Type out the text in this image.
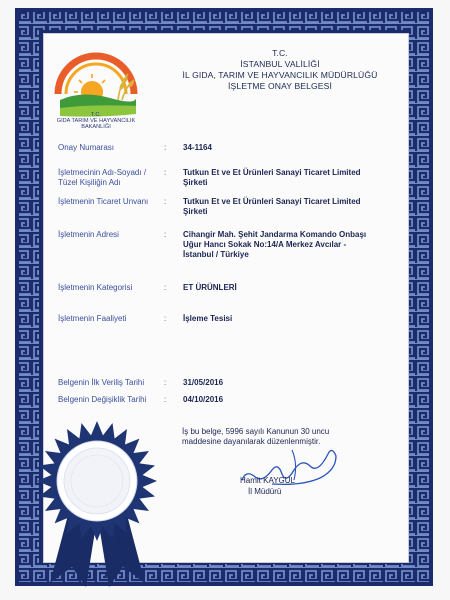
T.C.
İSTANBUL VALİLİĞİ
İL GIDA, TARIM VE HAYVANCILIK MÜDÜRLÜĞÜ
İŞLETME ONAY BELGESİ
T.C.
GIDA TARIM VE HAYVANCILIK
BAKANLIĞI
Onay Numarası	: 34-1164
İşletmecinin Adı-Soyadı /
Tüzel Kişiliğin Adı
: Tutkun Et ve Et Ürünleri Sanayi Ticaret Limited
Şirketi
İşletmenin Ticaret Unvanı : Tutkun Et ve Et Ürünleri Sanayi Ticaret Limited
Şirketi
İşletmenin Adresi	: Cihangir Mah. Şehit Jandarma Komando Onbaşı
Uğur Hancı Sokak No:14/A Merkez Avcılar -
İstanbul / Türkiye
İşletmenin Kategorisi	: ET ÜRÜNLERİ
İşletmenin Faaliyeti	: İşleme Tesisi
Belgenin İlk Veriliş Tarihi : 31/05/2016
Belgenin Değişiklik Tarihi : 04/10/2016
İş bu belge, 5996 sayılı Kanunun 30 uncu
maddesine dayanılarak düzenlenmiştir.
Hamit KAYGUL
İl Müdürü
